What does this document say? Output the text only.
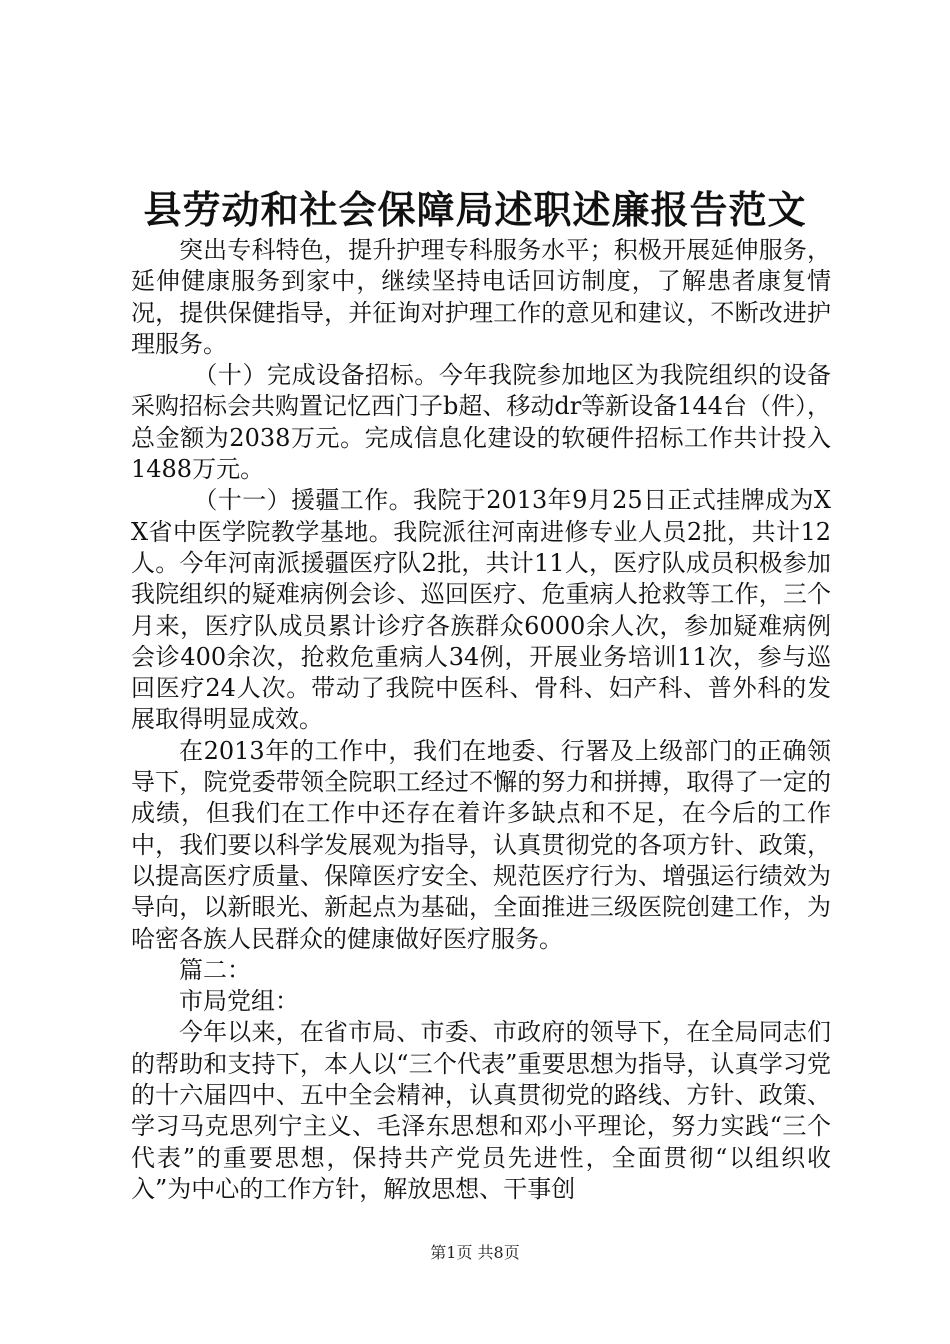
县劳动和社会保障局述职述廉报告范文

突出专科特色，提升护理专科服务水平；积极开展延伸服务，延伸健康服务到家中，继续坚持电话回访制度，了解患者康复情况，提供保健指导，并征询对护理工作的意见和建议，不断改进护理服务。

（十）完成设备招标。今年我院参加地区为我院组织的设备采购招标会共购置记忆西门子b超、移动dr等新设备144台（件），总金额为2038万元。完成信息化建设的软硬件招标工作共计投入1488万元。

（十一）援疆工作。我院于2013年9月25日正式挂牌成为XX省中医学院教学基地。我院派往河南进修专业人员2批，共计12人。今年河南派援疆医疗队2批，共计11人，医疗队成员积极参加我院组织的疑难病例会诊、巡回医疗、危重病人抢救等工作，三个月来，医疗队成员累计诊疗各族群众6000余人次，参加疑难病例会诊400余次，抢救危重病人34例，开展业务培训11次，参与巡回医疗24人次。带动了我院中医科、骨科、妇产科、普外科的发展取得明显成效。

在2013年的工作中，我们在地委、行署及上级部门的正确领导下，院党委带领全院职工经过不懈的努力和拼搏，取得了一定的成绩，但我们在工作中还存在着许多缺点和不足，在今后的工作中，我们要以科学发展观为指导，认真贯彻党的各项方针、政策，以提高医疗质量、保障医疗安全、规范医疗行为、增强运行绩效为导向，以新眼光、新起点为基础，全面推进三级医院创建工作，为哈密各族人民群众的健康做好医疗服务。

篇二：

市局党组：

今年以来，在省市局、市委、市政府的领导下，在全局同志们的帮助和支持下，本人以“三个代表”重要思想为指导，认真学习党的十六届四中、五中全会精神，认真贯彻党的路线、方针、政策、学习马克思列宁主义、毛泽东思想和邓小平理论，努力实践“三个代表”的重要思想，保持共产党员先进性，全面贯彻“以组织收入”为中心的工作方针，解放思想、干事创

第1页 共8页
